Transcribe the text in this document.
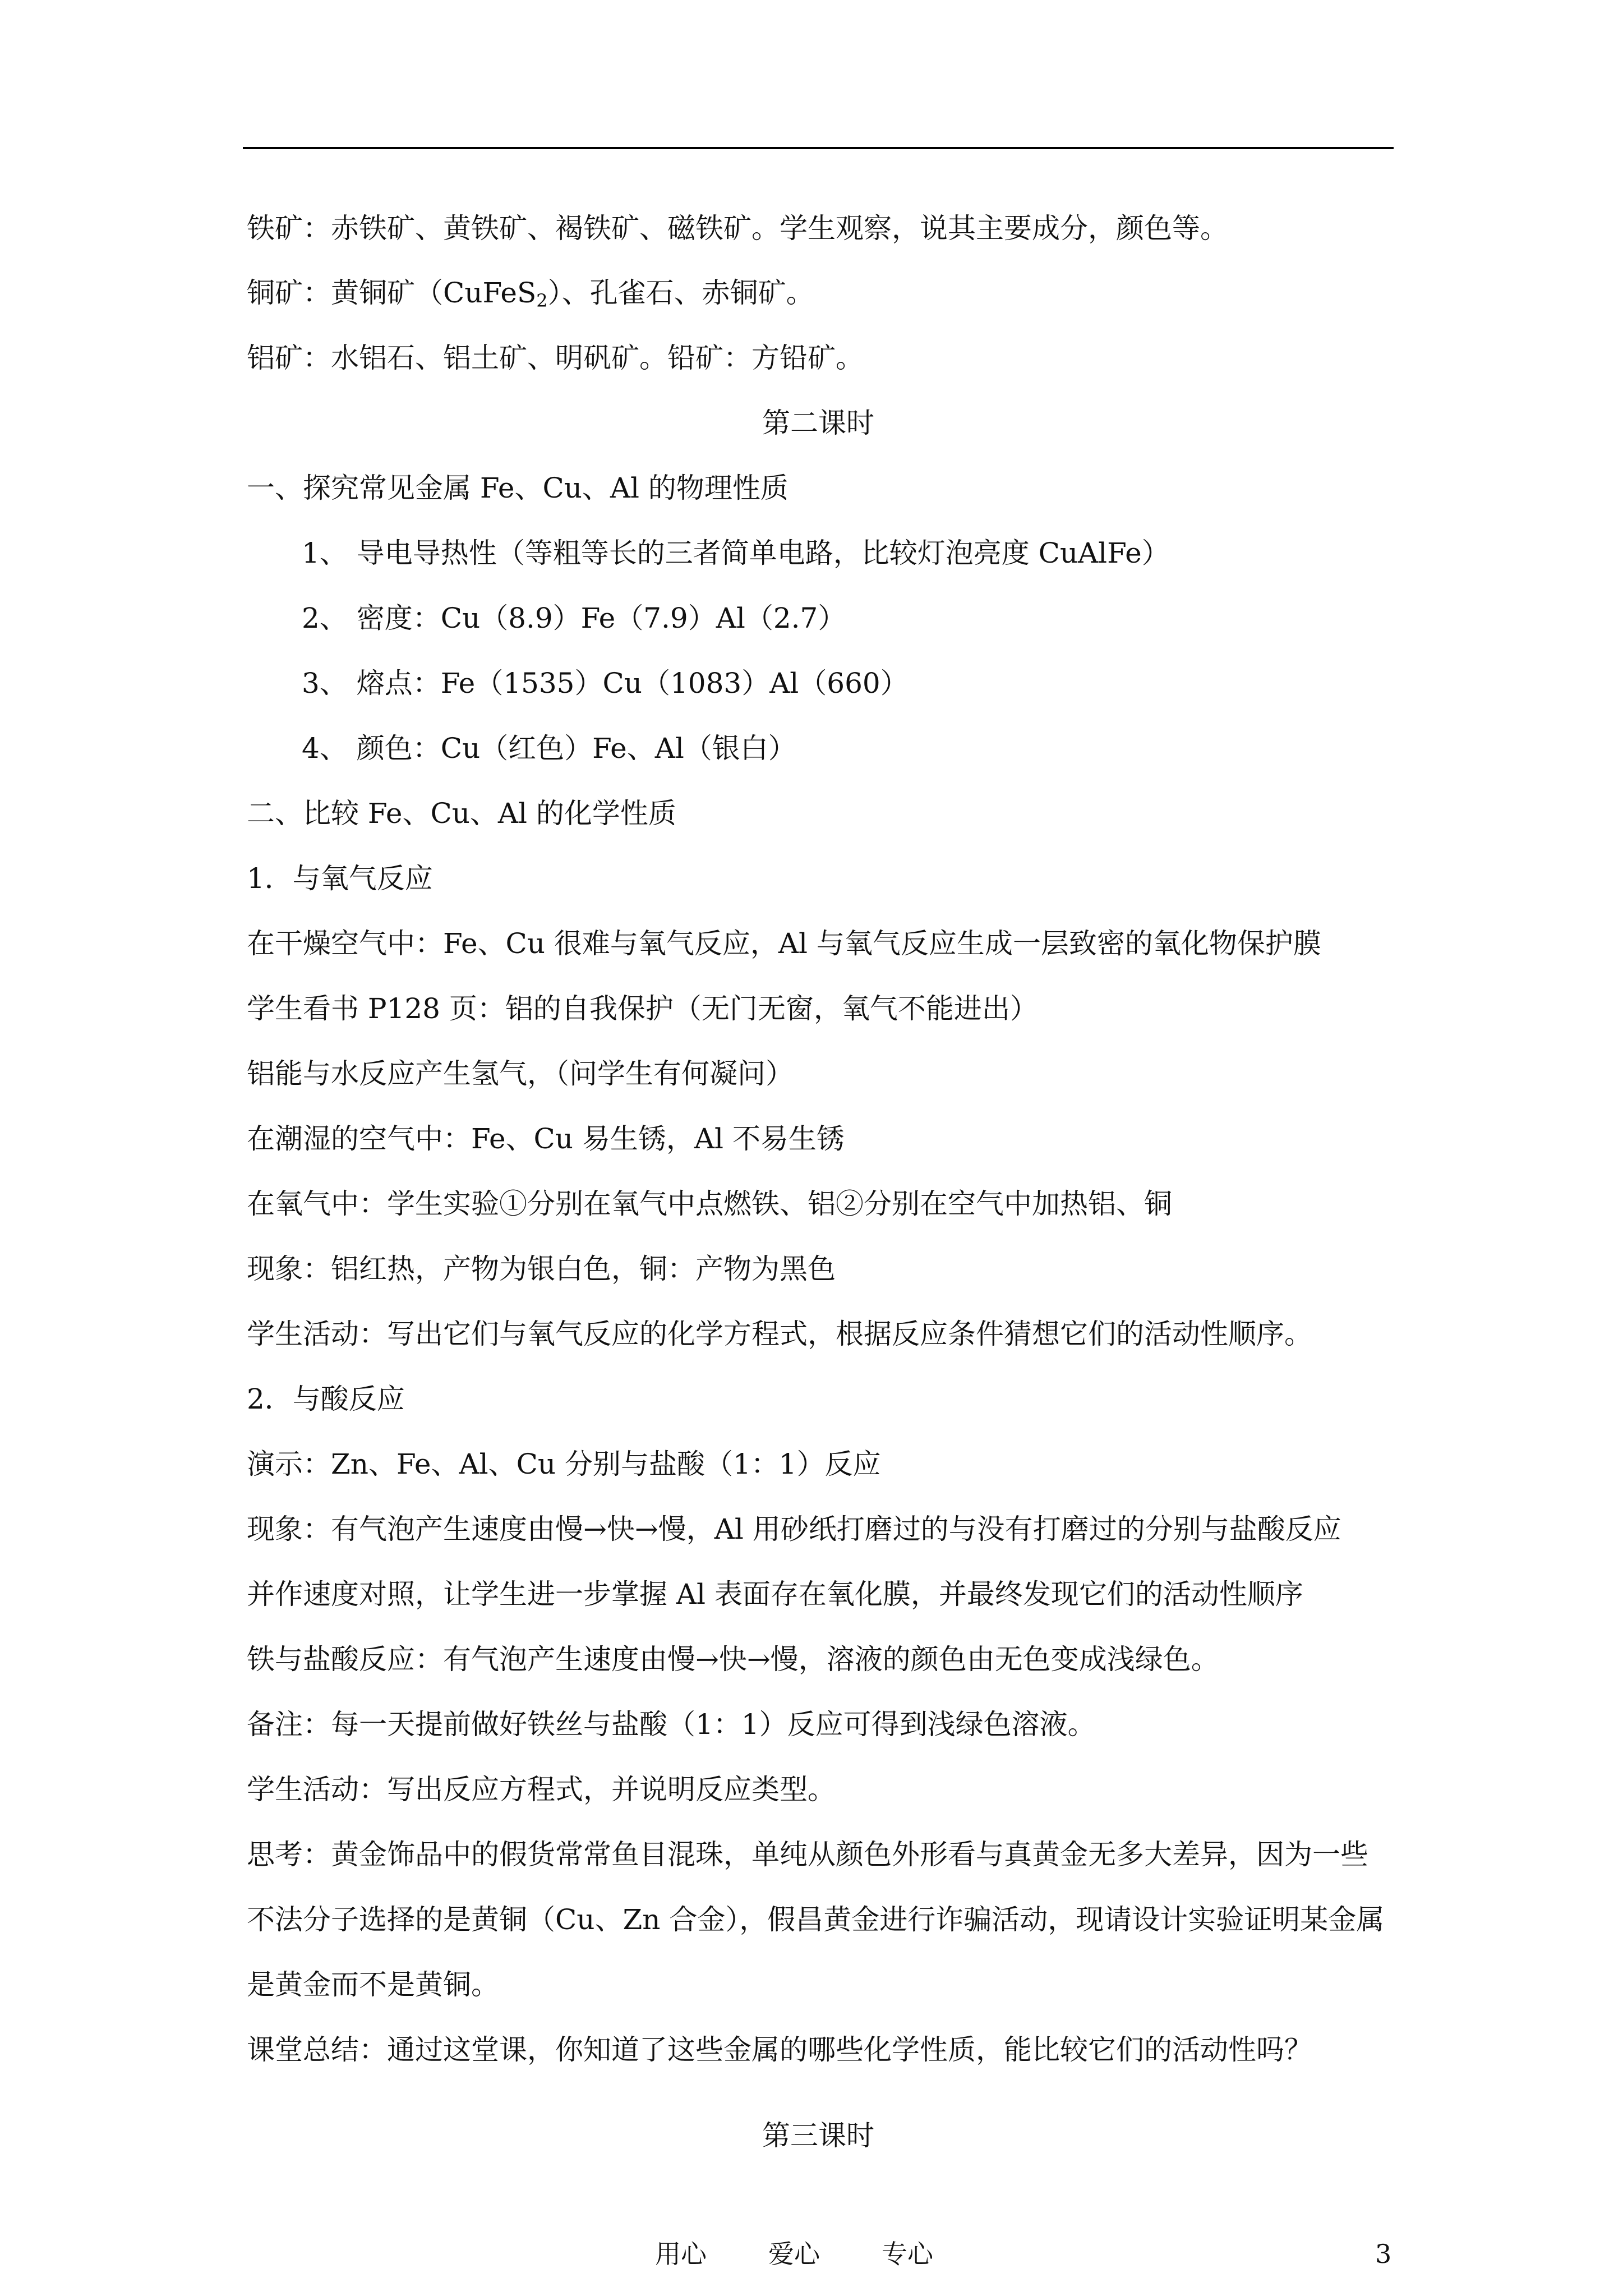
铁矿：赤铁矿、黄铁矿、褐铁矿、磁铁矿。学生观察，说其主要成分，颜色等。
铜矿：黄铜矿（CuFeS$_2$）、孔雀石、赤铜矿。
铝矿：水铝石、铝土矿、明矾矿。铅矿：方铅矿。
第二课时
一、探究常见金属 Fe、Cu、Al 的物理性质
1、 导电导热性（等粗等长的三者简单电路，比较灯泡亮度 CuAlFe）
2、 密度：Cu（8.9）Fe（7.9）Al（2.7）
3、 熔点：Fe（1535）Cu（1083）Al（660）
4、 颜色：Cu（红色）Fe、Al（银白）
二、比较 Fe、Cu、Al 的化学性质
1．与氧气反应
在干燥空气中：Fe、Cu 很难与氧气反应，Al 与氧气反应生成一层致密的氧化物保护膜
学生看书 P128 页：铝的自我保护（无门无窗，氧气不能进出）
铝能与水反应产生氢气，（问学生有何凝问）
在潮湿的空气中：Fe、Cu 易生锈，Al 不易生锈
在氧气中：学生实验①分别在氧气中点燃铁、铝②分别在空气中加热铝、铜
现象：铝红热，产物为银白色，铜：产物为黑色
学生活动：写出它们与氧气反应的化学方程式，根据反应条件猜想它们的活动性顺序。
2．与酸反应
演示：Zn、Fe、Al、Cu 分别与盐酸（1：1）反应
现象：有气泡产生速度由慢→快→慢，Al 用砂纸打磨过的与没有打磨过的分别与盐酸反应
并作速度对照，让学生进一步掌握 Al 表面存在氧化膜，并最终发现它们的活动性顺序
铁与盐酸反应：有气泡产生速度由慢→快→慢，溶液的颜色由无色变成浅绿色。
备注：每一天提前做好铁丝与盐酸（1：1）反应可得到浅绿色溶液。
学生活动：写出反应方程式，并说明反应类型。
思考：黄金饰品中的假货常常鱼目混珠，单纯从颜色外形看与真黄金无多大差异，因为一些
不法分子选择的是黄铜（Cu、Zn 合金），假昌黄金进行诈骗活动，现请设计实验证明某金属
是黄金而不是黄铜。
课堂总结：通过这堂课，你知道了这些金属的哪些化学性质，能比较它们的活动性吗？
第三课时
用心 爱心 专心	3
